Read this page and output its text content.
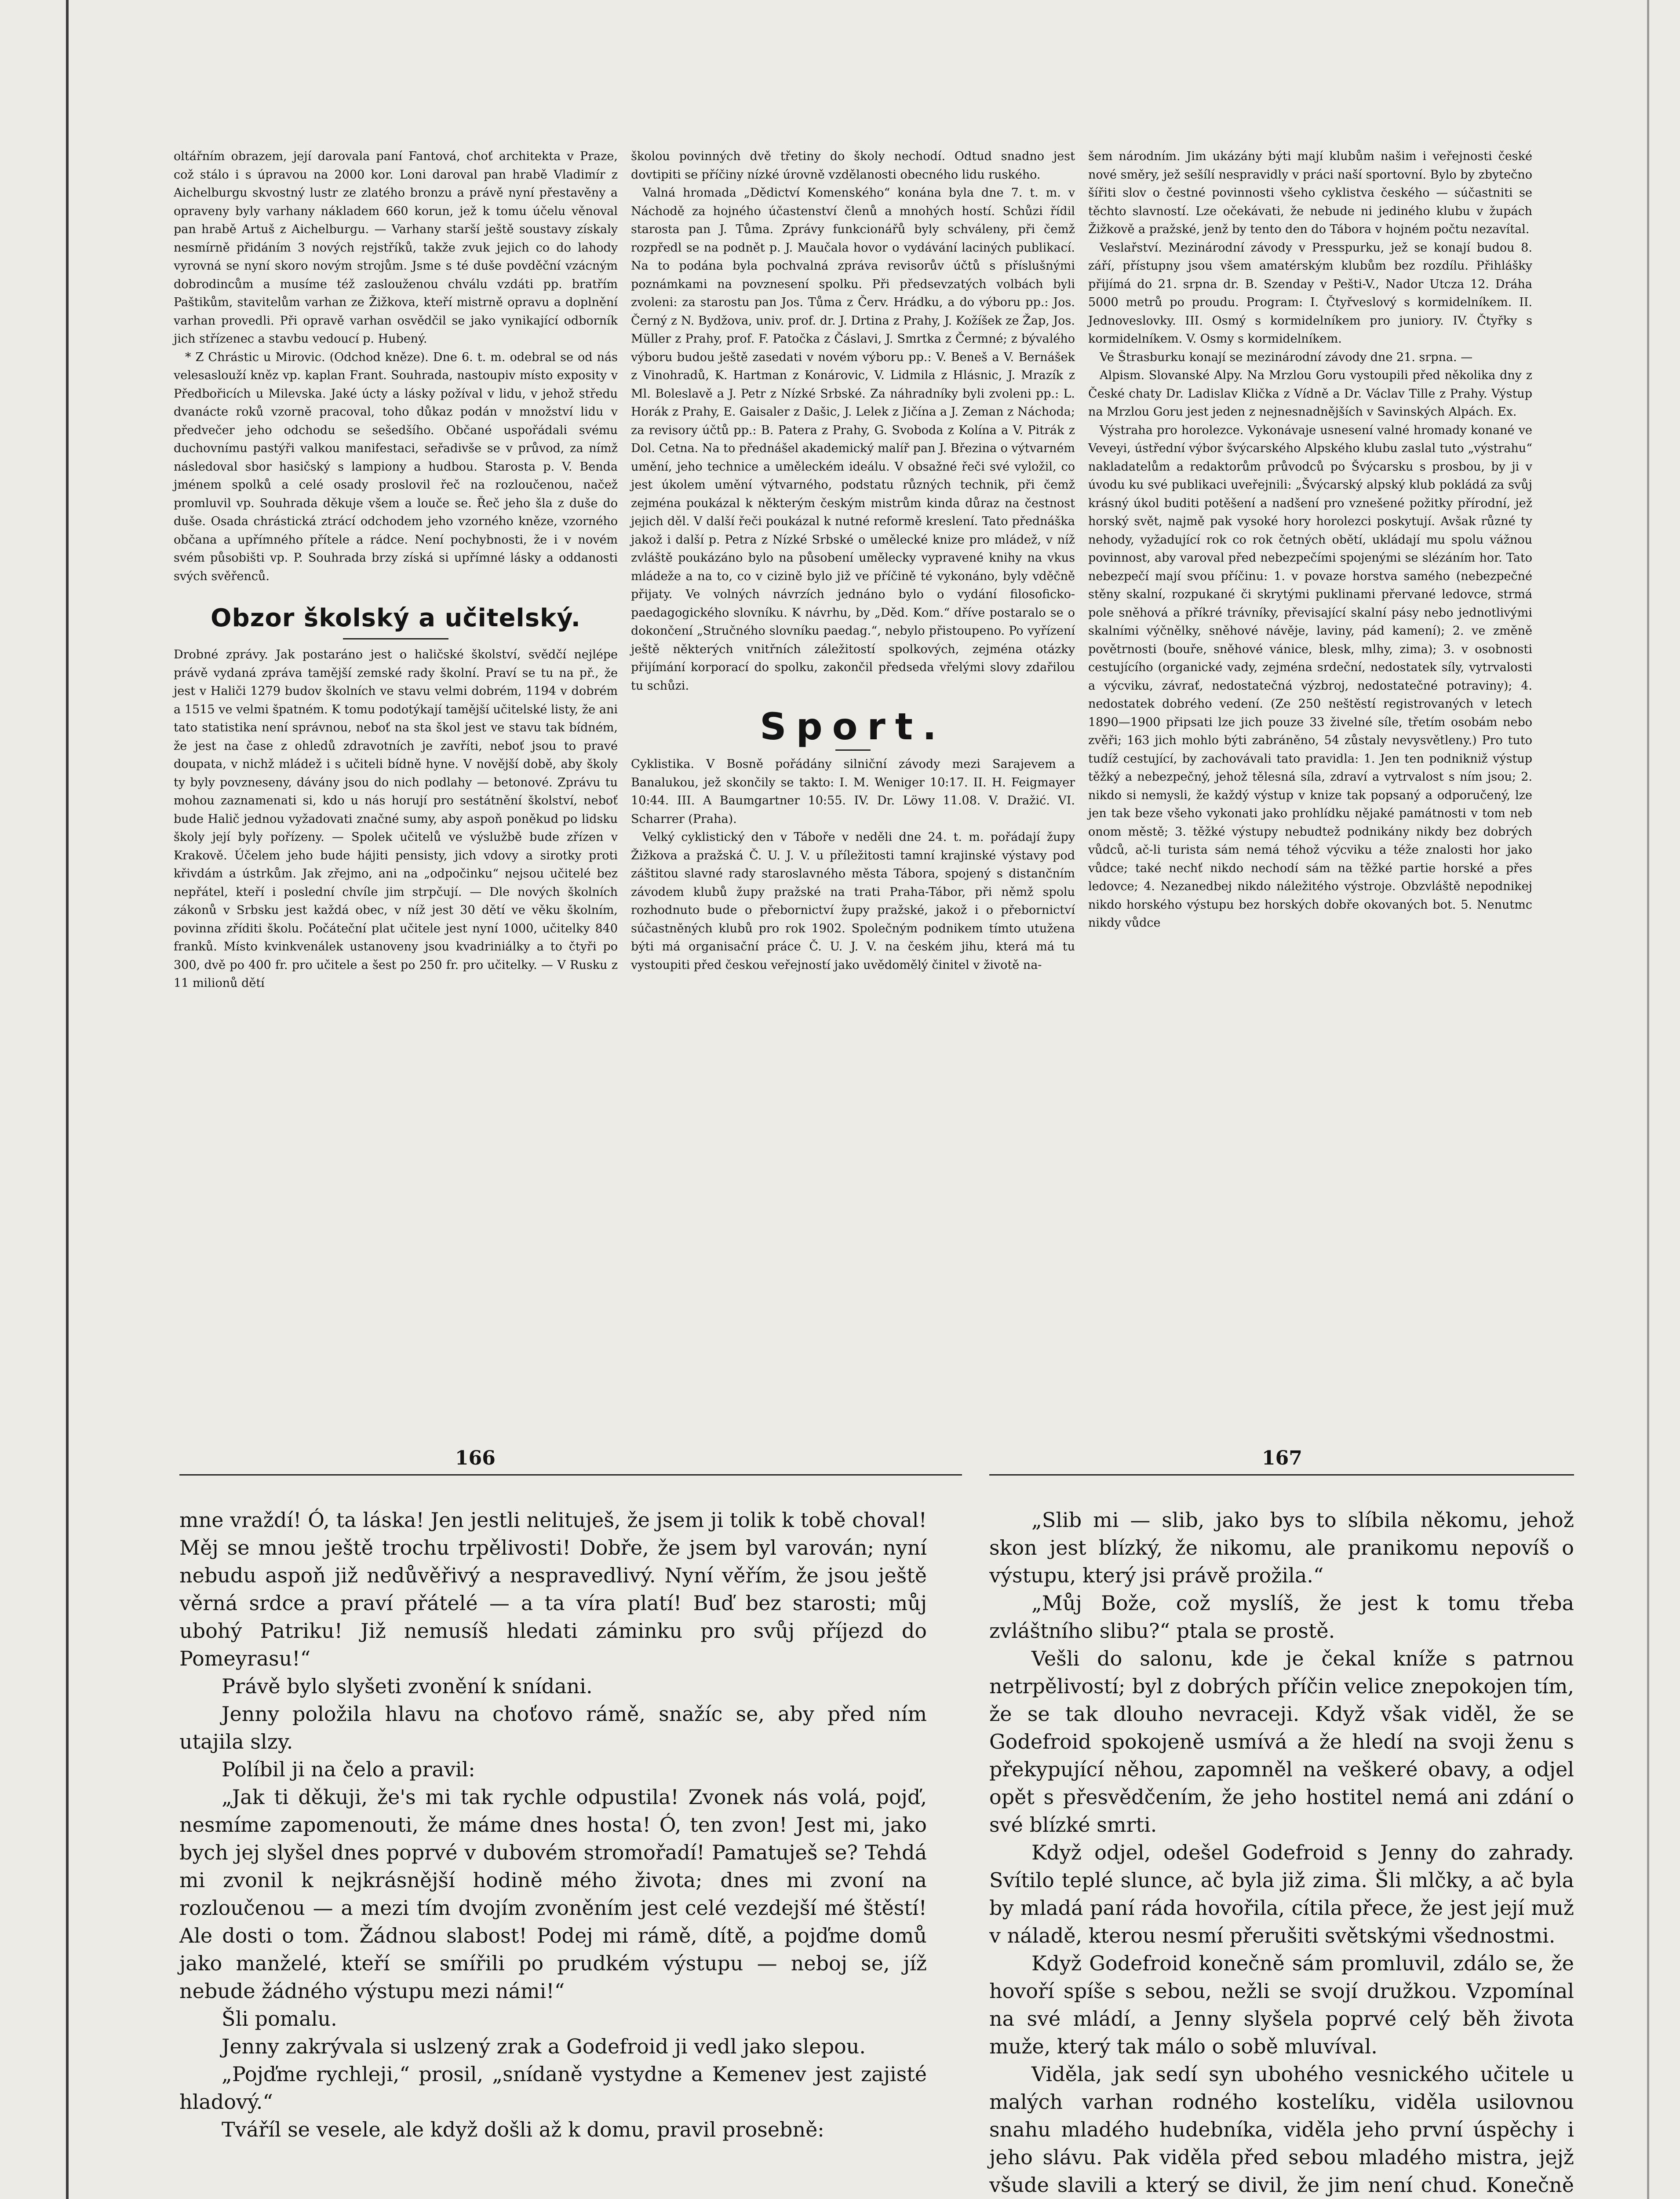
oltářním obrazem, její darovala paní Fantová, choť architekta v Praze, což stálo i s úpravou na 2000 kor. Loni daroval pan hrabě Vladimír z Aichelburgu skvostný lustr ze zlatého bronzu a právě nyní přestavěny a opraveny byly varhany nákladem 660 korun, jež k tomu účelu věnoval pan hrabě Artuš z Aichelburgu. — Varhany starší ještě soustavy získaly nesmírně přidáním 3 nových rejstříků, takže zvuk jejich co do lahody vyrovná se nyní skoro novým strojům. Jsme s té duše povděční vzácným dobrodincům a musíme též zaslouženou chválu vzdáti pp. bratřím Paštikům, stavitelům varhan ze Žižkova, kteří mistrně opravu a doplnění varhan provedli. Při opravě varhan osvědčil se jako vynikající odborník jich střízenec a stavbu vedoucí p. Hubený.

* Z Chrástic u Mirovic. (Odchod kněze). Dne 6. t. m. odebral se od nás velesaslouží kněz vp. kaplan Frant. Souhrada, nastoupiv místo exposity v Předbořicích u Milevska. Jaké úcty a lásky požíval v lidu, v jehož středu dvanácte roků vzorně pracoval, toho důkaz podán v množství lidu v předvečer jeho odchodu se sešedšího. Občané uspořádali svému duchovnímu pastýři valkou manifestaci, seřadivše se v průvod, za nímž následoval sbor hasičský s lampiony a hudbou. Starosta p. V. Benda jménem spolků a celé osady proslovil řeč na rozloučenou, načež promluvil vp. Souhrada děkuje všem a louče se. Řeč jeho šla z duše do duše. Osada chrástická ztrácí odchodem jeho vzorného kněze, vzorného občana a upřímného přítele a rádce. Není pochybnosti, že i v novém svém působišti vp. P. Souhrada brzy získá si upřímné lásky a oddanosti svých svěřenců.

Obzor školský a učitelský.

Drobné zprávy. Jak postaráno jest o haličské školství, svědčí nejlépe právě vydaná zpráva tamější zemské rady školní. Praví se tu na př., že jest v Haliči 1279 budov školních ve stavu velmi dobrém, 1194 v dobrém a 1515 ve velmi špatném. K tomu podotýkají tamější učitelské listy, že ani tato statistika není správnou, neboť na sta škol jest ve stavu tak bídném, že jest na čase z ohledů zdravotních je zavříti, neboť jsou to pravé doupata, v nichž mládež i s učiteli bídně hyne. V novější době, aby školy ty byly povzneseny, dávány jsou do nich podlahy — betonové. Zprávu tu mohou zaznamenati si, kdo u nás horují pro sestátnění školství, neboť bude Halič jednou vyžadovati značné sumy, aby aspoň poněkud po lidsku školy její byly pořízeny. — Spolek učitelů ve výslužbě bude zřízen v Krakově. Účelem jeho bude hájiti pensisty, jich vdovy a sirotky proti křivdám a ústrkům. Jak zřejmo, ani na „odpočinku“ nejsou učitelé bez nepřátel, kteří i poslední chvíle jim strpčují. — Dle nových školních zákonů v Srbsku jest každá obec, v níž jest 30 dětí ve věku školním, povinna zříditi školu. Počáteční plat učitele jest nyní 1000, učitelky 840 franků. Místo kvinkvenálek ustanoveny jsou kvadriniálky a to čtyři po 300, dvě po 400 fr. pro učitele a šest po 250 fr. pro učitelky. — V Rusku z 11 milionů dětí

školou povinných dvě třetiny do školy nechodí. Odtud snadno jest dovtipiti se příčiny nízké úrovně vzdělanosti obecného lidu ruského.

Valná hromada „Dědictví Komenského“ konána byla dne 7. t. m. v Náchodě za hojného účastenství členů a mnohých hostí. Schůzi řídil starosta pan J. Tůma. Zprávy funkcionářů byly schváleny, při čemž rozpředl se na podnět p. J. Maučala hovor o vydávání laciných publikací. Na to podána byla pochvalná zpráva revisorův účtů s příslušnými poznámkami na povznesení spolku. Při předsevzatých volbách byli zvoleni: za starostu pan Jos. Tůma z Červ. Hrádku, a do výboru pp.: Jos. Černý z N. Bydžova, univ. prof. dr. J. Drtina z Prahy, J. Kožíšek ze Žap, Jos. Müller z Prahy, prof. F. Patočka z Čáslavi, J. Smrtka z Čermné; z bývalého výboru budou ještě zasedati v novém výboru pp.: V. Beneš a V. Bernášek z Vinohradů, K. Hartman z Konárovic, V. Lidmila z Hlásnic, J. Mrazík z Ml. Boleslavě a J. Petr z Nízké Srbské. Za náhradníky byli zvoleni pp.: L. Horák z Prahy, E. Gaisaler z Dašic, J. Lelek z Jičína a J. Zeman z Náchoda; za revisory účtů pp.: B. Patera z Prahy, G. Svoboda z Kolína a V. Pitrák z Dol. Cetna. Na to přednášel akademický malíř pan J. Březina o výtvarném umění, jeho technice a uměleckém ideálu. V obsažné řeči své vyložil, co jest úkolem umění výtvarného, podstatu různých technik, při čemž zejména poukázal k některým českým mistrům kinda důraz na čestnost jejich děl. V další řeči poukázal k nutné reformě kreslení. Tato přednáška jakož i další p. Petra z Nízké Srbské o umělecké knize pro mládež, v níž zvláště poukázáno bylo na působení umělecky vypravené knihy na vkus mládeže a na to, co v cizině bylo již ve příčině té vykonáno, byly vděčně přijaty. Ve volných návrzích jednáno bylo o vydání filosoficko-paedagogického slovníku. K návrhu, by „Děd. Kom.“ dříve postaralo se o dokončení „Stručného slovníku paedag.“, nebylo přistoupeno. Po vyřízení ještě některých vnitřních záležitostí spolkových, zejména otázky přijímání korporací do spolku, zakončil předseda vřelými slovy zdařilou tu schůzi.

Sport.

Cyklistika. V Bosně pořádány silniční závody mezi Sarajevem a Banalukou, jež skončily se takto: I. M. Weniger 10:17. II. H. Feigmayer 10:44. III. A Baumgartner 10:55. IV. Dr. Löwy 11.08. V. Dražić. VI. Scharrer (Praha).

Velký cyklistický den v Táboře v neděli dne 24. t. m. pořádají župy Žižkova a pražská Č. U. J. V. u příležitosti tamní krajinské výstavy pod záštitou slavné rady staroslavného města Tábora, spojený s distančním závodem klubů župy pražské na trati Praha-Tábor, při němž spolu rozhodnuto bude o přebornictví župy pražské, jakož i o přebornictví súčastněných klubů pro rok 1902. Společným podnikem tímto utužena býti má organisační práce Č. U. J. V. na českém jihu, která má tu vystoupiti před českou veřejností jako uvědomělý činitel v životě na-

šem národním. Jim ukázány býti mají klubům našim i veřejnosti české nové směry, jež sešílí nespravidly v práci naší sportovní. Bylo by zbytečno šířiti slov o čestné povinnosti všeho cyklistva českého — súčastniti se těchto slavností. Lze očekávati, že nebude ni jediného klubu v župách Žižkově a pražské, jenž by tento den do Tábora v hojném počtu nezavítal.

Veslařství. Mezinárodní závody v Presspurku, jež se konají budou 8. září, přístupny jsou všem amatérským klubům bez rozdílu. Přihlášky přijímá do 21. srpna dr. B. Szenday v Pešti-V., Nador Utcza 12. Dráha 5000 metrů po proudu. Program: I. Čtyřveslový s kormidelníkem. II. Jednoveslovky. III. Osmý s kormidelníkem pro juniory. IV. Čtyřky s kormidelníkem. V. Osmy s kormidelníkem.

Ve Štrasburku konají se mezinárodní závody dne 21. srpna. —

Alpism. Slovanské Alpy. Na Mrzlou Goru vystoupili před několika dny z České chaty Dr. Ladislav Klička z Vídně a Dr. Václav Tille z Prahy. Výstup na Mrzlou Goru jest jeden z nejnesnadnějších v Savinských Alpách. Ex.

Výstraha pro horolezce. Vykonávaje usnesení valné hromady konané ve Veveyi, ústřední výbor švýcarského Alpského klubu zaslal tuto „výstrahu“ nakladatelům a redaktorům průvodců po Švýcarsku s prosbou, by ji v úvodu ku své publikaci uveřejnili: „Švýcarský alpský klub pokládá za svůj krásný úkol buditi potěšení a nadšení pro vznešené požitky přírodní, jež horský svět, najmě pak vysoké hory horolezci poskytují. Avšak různé ty nehody, vyžadující rok co rok četných obětí, ukládají mu spolu vážnou povinnost, aby varoval před nebezpečími spojenými se slézáním hor. Tato nebezpečí mají svou příčinu: 1. v povaze horstva samého (nebezpečné stěny skalní, rozpukané či skrytými puklinami přervané ledovce, strmá pole sněhová a příkré trávníky, převisající skalní pásy nebo jednotlivými skalními výčnělky, sněhové návěje, laviny, pád kamení); 2. ve změně povětrnosti (bouře, sněhové vánice, blesk, mlhy, zima); 3. v osobnosti cestujícího (organické vady, zejména srdeční, nedostatek síly, vytrvalosti a výcviku, závrať, nedostatečná výzbroj, nedostatečné potraviny); 4. nedostatek dobrého vedení. (Ze 250 neštěstí registrovaných v letech 1890—1900 připsati lze jich pouze 33 živelné síle, třetím osobám nebo zvěři; 163 jich mohlo býti zabráněno, 54 zůstaly nevysvětleny.) Pro tuto tudíž cestující, by zachovávali tato pravidla: 1. Jen ten podnikniž výstup těžký a nebezpečný, jehož tělesná síla, zdraví a vytrvalost s ním jsou; 2. nikdo si nemysli, že každý výstup v knize tak popsaný a odporučený, lze jen tak beze všeho vykonati jako prohlídku nějaké památnosti v tom neb onom městě; 3. těžké výstupy nebudtež podnikány nikdy bez dobrých vůdců, ač-li turista sám nemá téhož výcviku a téže znalosti hor jako vůdce; také nechť nikdo nechodí sám na těžké partie horské a přes ledovce; 4. Nezanedbej nikdo náležitého výstroje. Obzvláště nepodnikej nikdo horského výstupu bez horských dobře okovaných bot. 5. Nenutmc nikdy vůdce

166	167

mne vraždí! Ó, ta láska! Jen jestli nelituješ, že jsem ji tolik k tobě choval! Měj se mnou ještě trochu trpělivosti! Dobře, že jsem byl varován; nyní nebudu aspoň již nedůvěřivý a nespravedlivý. Nyní věřím, že jsou ještě věrná srdce a praví přátelé — a ta víra platí! Buď bez starosti; můj ubohý Patriku! Již nemusíš hledati záminku pro svůj příjezd do Pomeyrasu!“

Právě bylo slyšeti zvonění k snídani.

Jenny položila hlavu na choťovo rámě, snažíc se, aby před ním utajila slzy.

Políbil ji na čelo a pravil:

„Jak ti děkuji, že's mi tak rychle odpustila! Zvonek nás volá, pojď, nesmíme zapomenouti, že máme dnes hosta! Ó, ten zvon! Jest mi, jako bych jej slyšel dnes poprvé v dubovém stromořadí! Pamatuješ se? Tehdá mi zvonil k nejkrásnější hodině mého života; dnes mi zvoní na rozloučenou — a mezi tím dvojím zvoněním jest celé vezdejší mé štěstí! Ale dosti o tom. Žádnou slabost! Podej mi rámě, dítě, a pojďme domů jako manželé, kteří se smířili po prudkém výstupu — neboj se, jíž nebude žádného výstupu mezi námi!“

Šli pomalu.

Jenny zakrývala si uslzený zrak a Godefroid ji vedl jako slepou.

„Pojďme rychleji,“ prosil, „snídaně vystydne a Kemenev jest zajisté hladový.“

Tváříl se vesele, ale když došli až k domu, pravil prosebně:

„Slib mi — slib, jako bys to slíbila někomu, jehož skon jest blízký, že nikomu, ale pranikomu nepovíš o výstupu, který jsi právě prožila.“

„Můj Bože, což myslíš, že jest k tomu třeba zvláštního slibu?“ ptala se prostě.

Vešli do salonu, kde je čekal kníže s patrnou netrpělivostí; byl z dobrých příčin velice znepokojen tím, že se tak dlouho nevraceji. Když však viděl, že se Godefroid spokojeně usmívá a že hledí na svoji ženu s překypující něhou, zapomněl na veškeré obavy, a odjel opět s přesvědčením, že jeho hostitel nemá ani zdání o své blízké smrti.

Když odjel, odešel Godefroid s Jenny do zahrady. Svítilo teplé slunce, ač byla již zima. Šli mlčky, a ač byla by mladá paní ráda hovořila, cítila přece, že jest její muž v náladě, kterou nesmí přerušiti světskými všednostmi.

Když Godefroid konečně sám promluvil, zdálo se, že hovoří spíše s sebou, nežli se svojí družkou. Vzpomínal na své mládí, a Jenny slyšela poprvé celý běh života muže, který tak málo o sobě mluvíval.

Viděla, jak sedí syn ubohého vesnického učitele u malých varhan rodného kostelíku, viděla usilovnou snahu mladého hudebníka, viděla jeho první úspěchy i jeho slávu. Pak viděla před sebou mladého mistra, jejž všude slavili a který se divil, že jim není chud. Konečně
